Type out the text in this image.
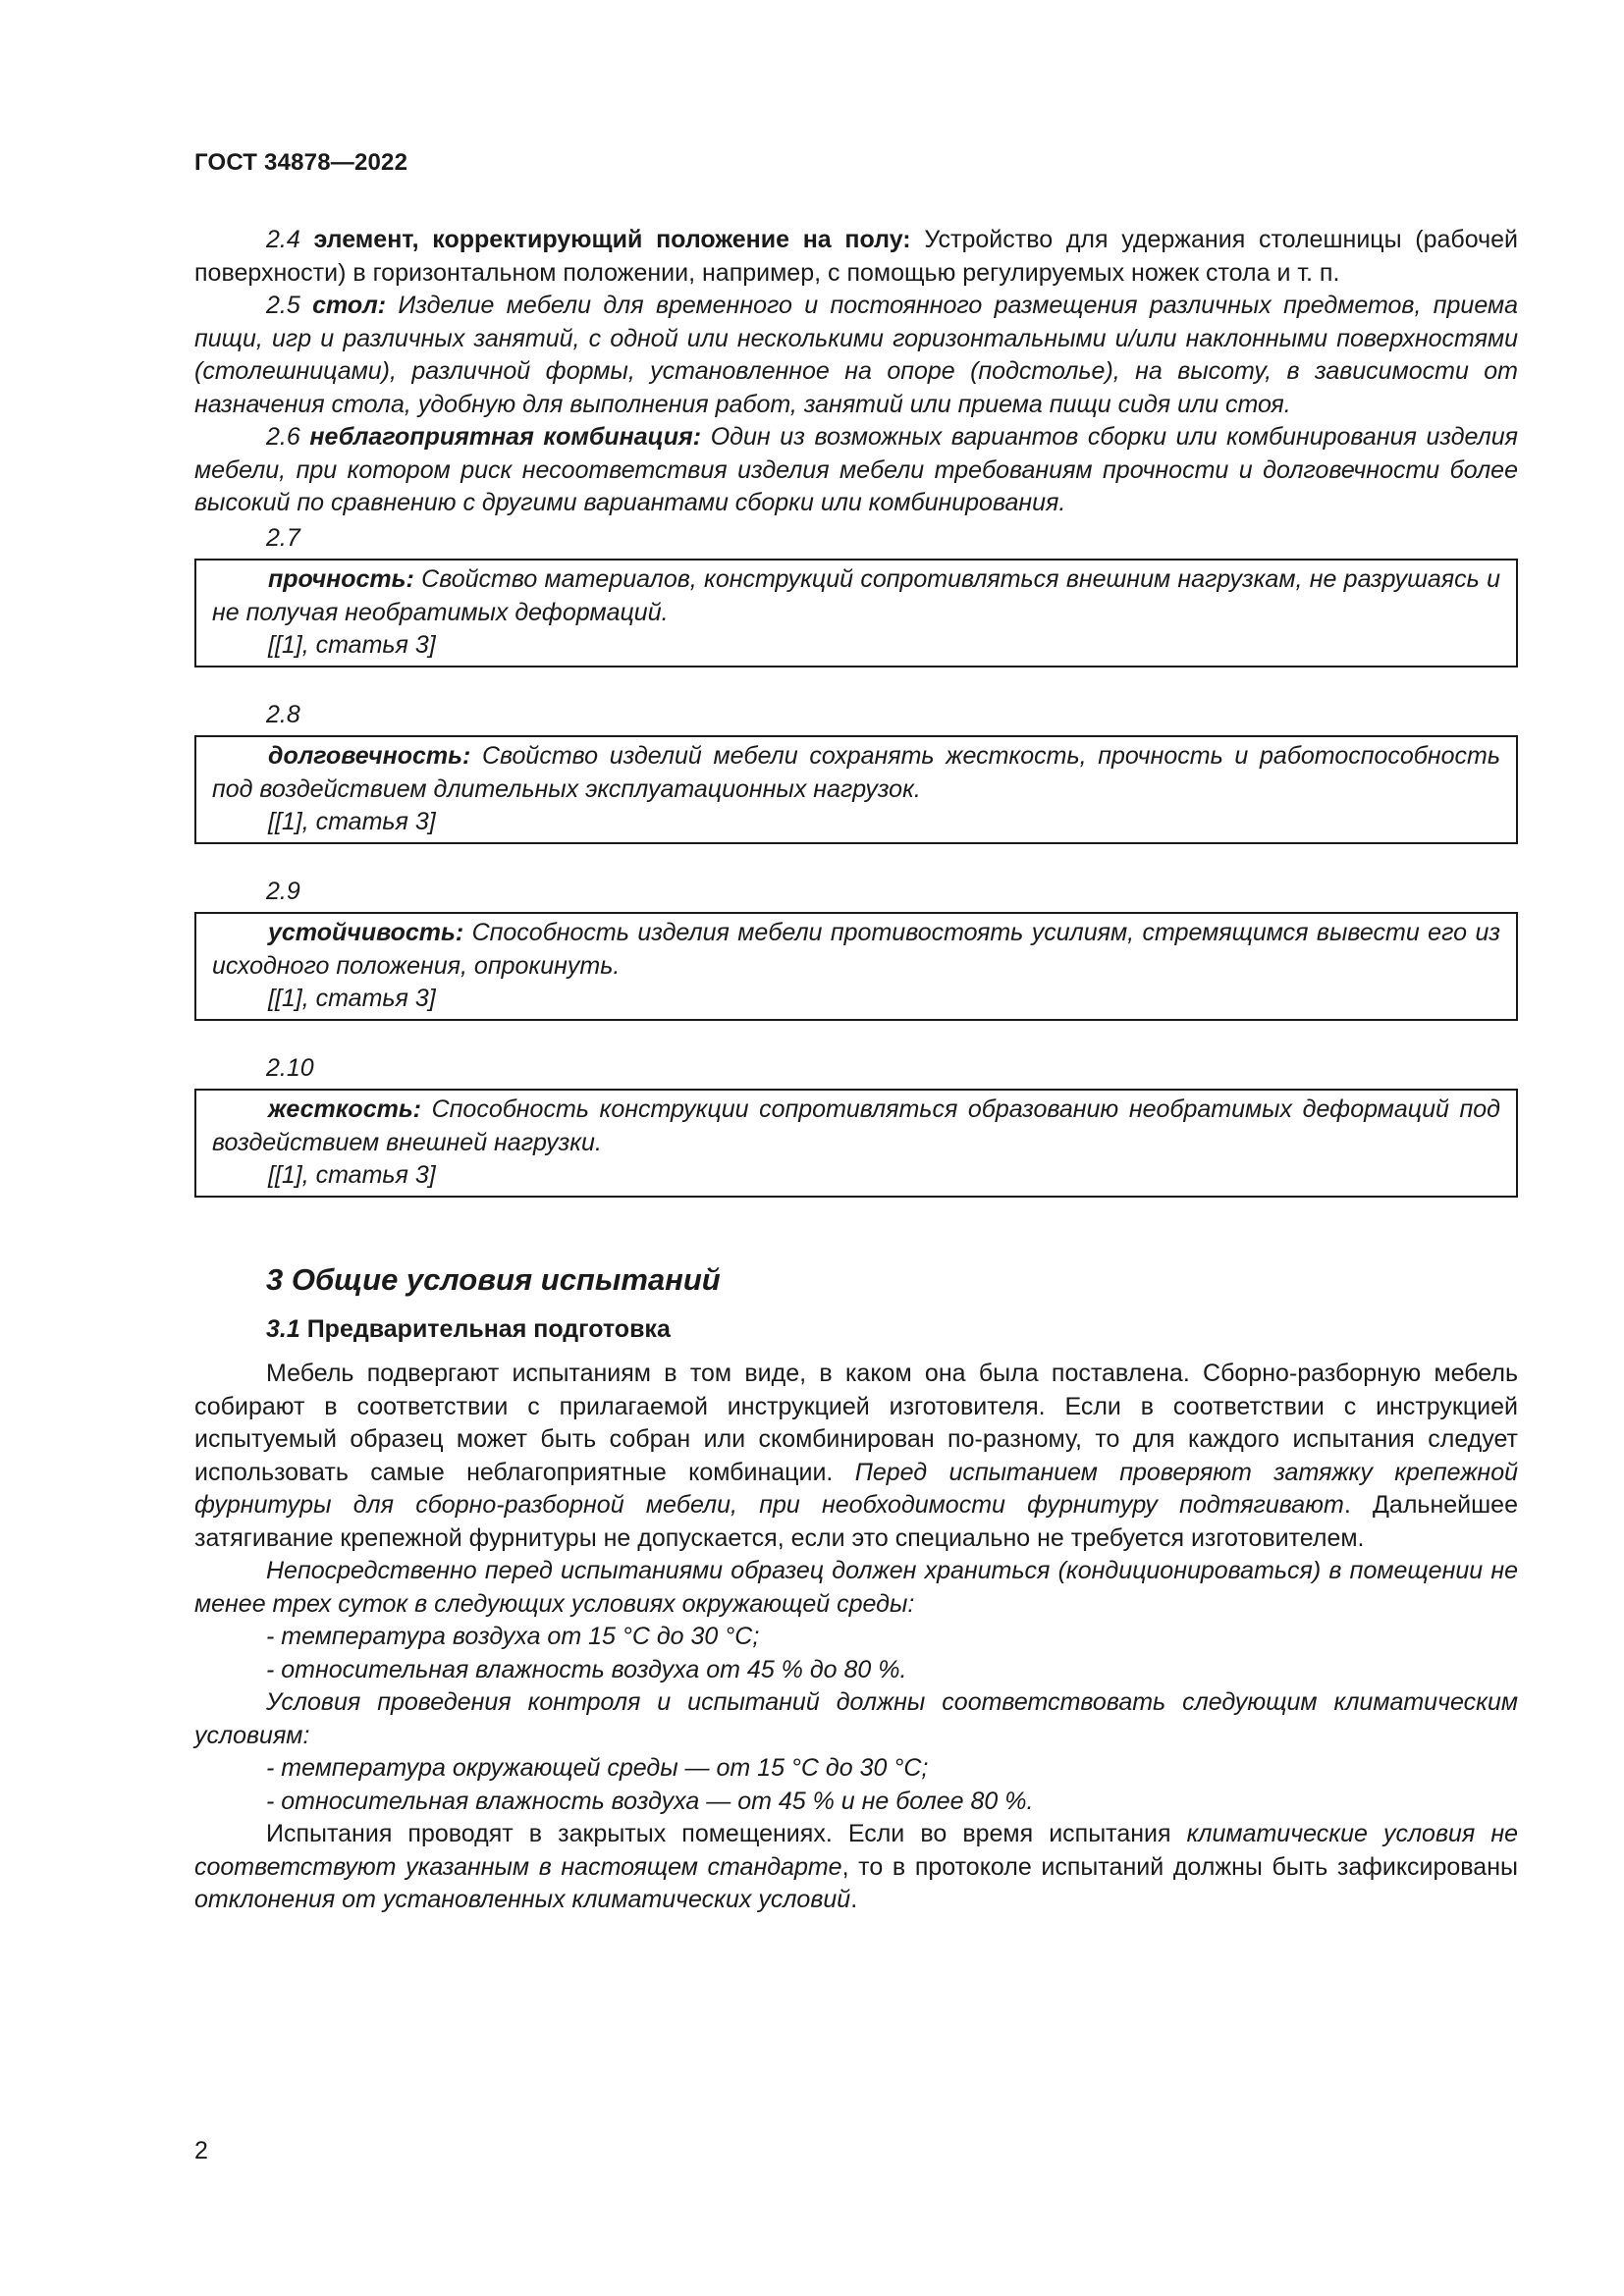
ГОСТ 34878—2022

2.4 элемент, корректирующий положение на полу: Устройство для удержания столешницы (рабочей поверхности) в горизонтальном положении, например, с помощью регулируемых ножек стола и т. п.

2.5 стол: Изделие мебели для временного и постоянного размещения различных предметов, приема пищи, игр и различных занятий, с одной или несколькими горизонтальными и/или наклонными поверхностями (столешницами), различной формы, установленное на опоре (подстолье), на высоту, в зависимости от назначения стола, удобную для выполнения работ, занятий или приема пищи сидя или стоя.

2.6 неблагоприятная комбинация: Один из возможных вариантов сборки или комбинирования изделия мебели, при котором риск несоответствия изделия мебели требованиям прочности и долговечности более высокий по сравнению с другими вариантами сборки или комбинирования.

2.7

прочность: Свойство материалов, конструкций сопротивляться внешним нагрузкам, не разрушаясь и не получая необратимых деформаций.

[[1], статья 3]

2.8

долговечность: Свойство изделий мебели сохранять жесткость, прочность и работоспособность под воздействием длительных эксплуатационных нагрузок.

[[1], статья 3]

2.9

устойчивость: Способность изделия мебели противостоять усилиям, стремящимся вывести его из исходного положения, опрокинуть.

[[1], статья 3]

2.10

жесткость: Способность конструкции сопротивляться образованию необратимых деформаций под воздействием внешней нагрузки.

[[1], статья 3]

3 Общие условия испытаний
3.1 Предварительная подготовка

Мебель подвергают испытаниям в том виде, в каком она была поставлена. Сборно-разборную мебель собирают в соответствии с прилагаемой инструкцией изготовителя. Если в соответствии с инструкцией испытуемый образец может быть собран или скомбинирован по-разному, то для каждого испытания следует использовать самые неблагоприятные комбинации. Перед испытанием проверяют затяжку крепежной фурнитуры для сборно-разборной мебели, при необходимости фурнитуру подтягивают. Дальнейшее затягивание крепежной фурнитуры не допускается, если это специально не требуется изготовителем.

Непосредственно перед испытаниями образец должен храниться (кондиционироваться) в помещении не менее трех суток в следующих условиях окружающей среды:

- температура воздуха от 15 °С до 30 °С;

- относительная влажность воздуха от 45 % до 80 %.

Условия проведения контроля и испытаний должны соответствовать следующим климатическим условиям:

- температура окружающей среды — от 15 °С до 30 °С;

- относительная влажность воздуха — от 45 % и не более 80 %.

Испытания проводят в закрытых помещениях. Если во время испытания климатические условия не соответствуют указанным в настоящем стандарте, то в протоколе испытаний должны быть зафиксированы отклонения от установленных климатических условий.

2
